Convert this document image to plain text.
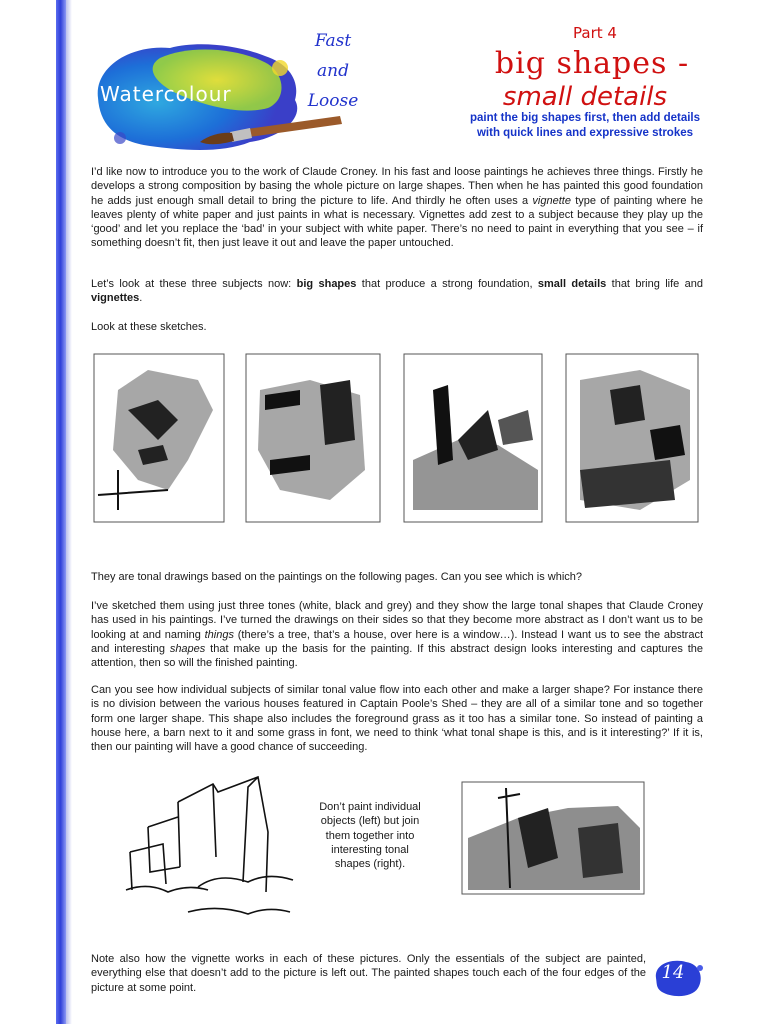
Watercolour
Fast
and
Loose
Part 4
big shapes -
small details
paint the big shapes first, then add details
with quick lines and expressive strokes

I’d like now to introduce you to the work of Claude Croney. In his fast and loose paintings he achieves three things. Firstly he develops a strong composition by basing the whole picture on large shapes. Then when he has painted this good foundation he adds just enough small detail to bring the picture to life. And thirdly he often uses a vignette type of painting where he leaves plenty of white paper and just paints in what is necessary. Vignettes add zest to a subject because they play up the ‘good’ and let you replace the ‘bad’ in your subject with white paper. There’s no need to paint in everything that you see – if something doesn’t fit, then just leave it out and leave the paper untouched.

Let’s look at these three subjects now: big shapes that produce a strong foundation, small details that bring life and vignettes.

Look at these sketches.

They are tonal drawings based on the paintings on the following pages. Can you see which is which?

I’ve sketched them using just three tones (white, black and grey) and they show the large tonal shapes that Claude Croney has used in his paintings. I’ve turned the drawings on their sides so that they become more abstract as I don’t want us to be looking at and naming things (there’s a tree, that’s a house, over here is a window…). Instead I want us to see the abstract and interesting shapes that make up the basis for the painting. If this abstract design looks interesting and captures the attention, then so will the finished painting.

Can you see how individual subjects of similar tonal value flow into each other and make a larger shape? For instance there is no division between the various houses featured in Captain Poole’s Shed – they are all of a similar tone and so together form one larger shape. This shape also includes the foreground grass as it too has a similar tone. So instead of painting a house here, a barn next to it and some grass in font, we need to think ‘what tonal shape is this, and is it interesting?’ If it is, then our painting will have a good chance of succeeding.

Don’t paint individual objects (left) but join them together into interesting tonal shapes (right).

Note also how the vignette works in each of these pictures. Only the essentials of the subject are painted, everything else that doesn’t add to the picture is left out. The painted shapes touch each of the four edges of the picture at some point.

14
